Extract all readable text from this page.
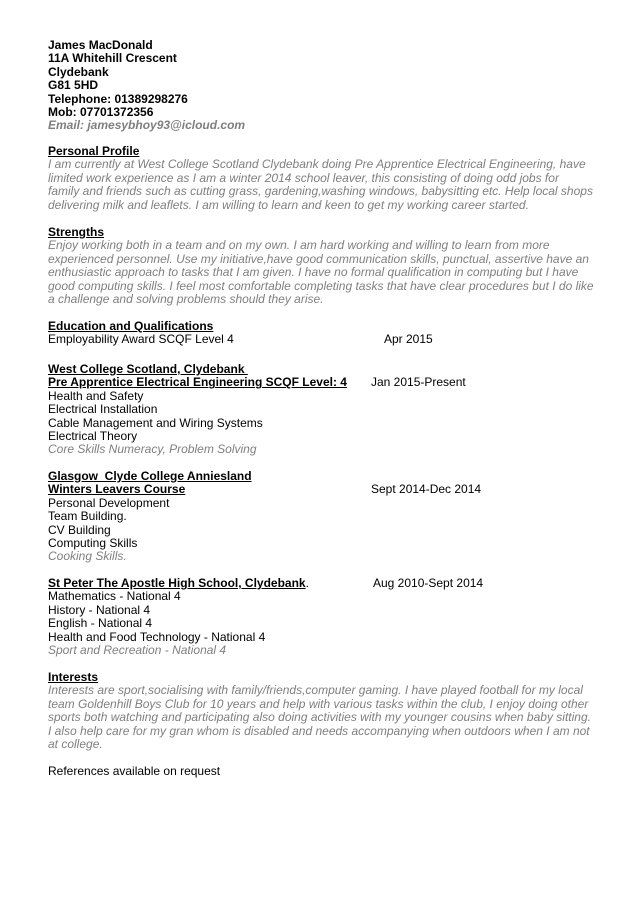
James MacDonald
11A Whitehill Crescent
Clydebank
G81 5HD
Telephone: 01389298276
Mob: 07701372356
Email: jamesybhoy93@icloud.com
Personal Profile
I am currently at West College Scotland Clydebank doing Pre Apprentice Electrical Engineering, have
limited work experience as I am a winter 2014 school leaver, this consisting of doing odd jobs for
family and friends such as cutting grass, gardening,washing windows, babysitting etc. Help local shops
delivering milk and leaflets. I am willing to learn and keen to get my working career started.
Strengths
Enjoy working both in a team and on my own. I am hard working and willing to learn from more
experienced personnel. Use my initiative,have good communication skills, punctual, assertive have an
enthusiastic approach to tasks that I am given. I have no formal qualification in computing but I have
good computing skills. I feel most comfortable completing tasks that have clear procedures but I do like
a challenge and solving problems should they arise.
Education and Qualifications
Employability Award SCQF Level 4	Apr 2015
West College Scotland, Clydebank
Pre Apprentice Electrical Engineering SCQF Level: 4
Health and Safety
Electrical Installation
Cable Management and Wiring Systems
Electrical Theory
Core Skills Numeracy, Problem Solving
Jan 2015-Present
Glasgow  Clyde College Anniesland
Winters Leavers Course
Personal Development
Team Building.
CV Building
Computing Skills
Cooking Skills.
Sept 2014-Dec 2014
St Peter The Apostle High School, Clydebank.
Mathematics - National 4
History - National 4
English - National 4
Health and Food Technology - National 4
Sport and Recreation - National 4
Aug 2010-Sept 2014
Interests
Interests are sport,socialising with family/friends,computer gaming. I have played football for my local
team Goldenhill Boys Club for 10 years and help with various tasks within the club, I enjoy doing other
sports both watching and participating also doing activities with my younger cousins when baby sitting.
I also help care for my gran whom is disabled and needs accompanying when outdoors when I am not
at college.
References available on request
